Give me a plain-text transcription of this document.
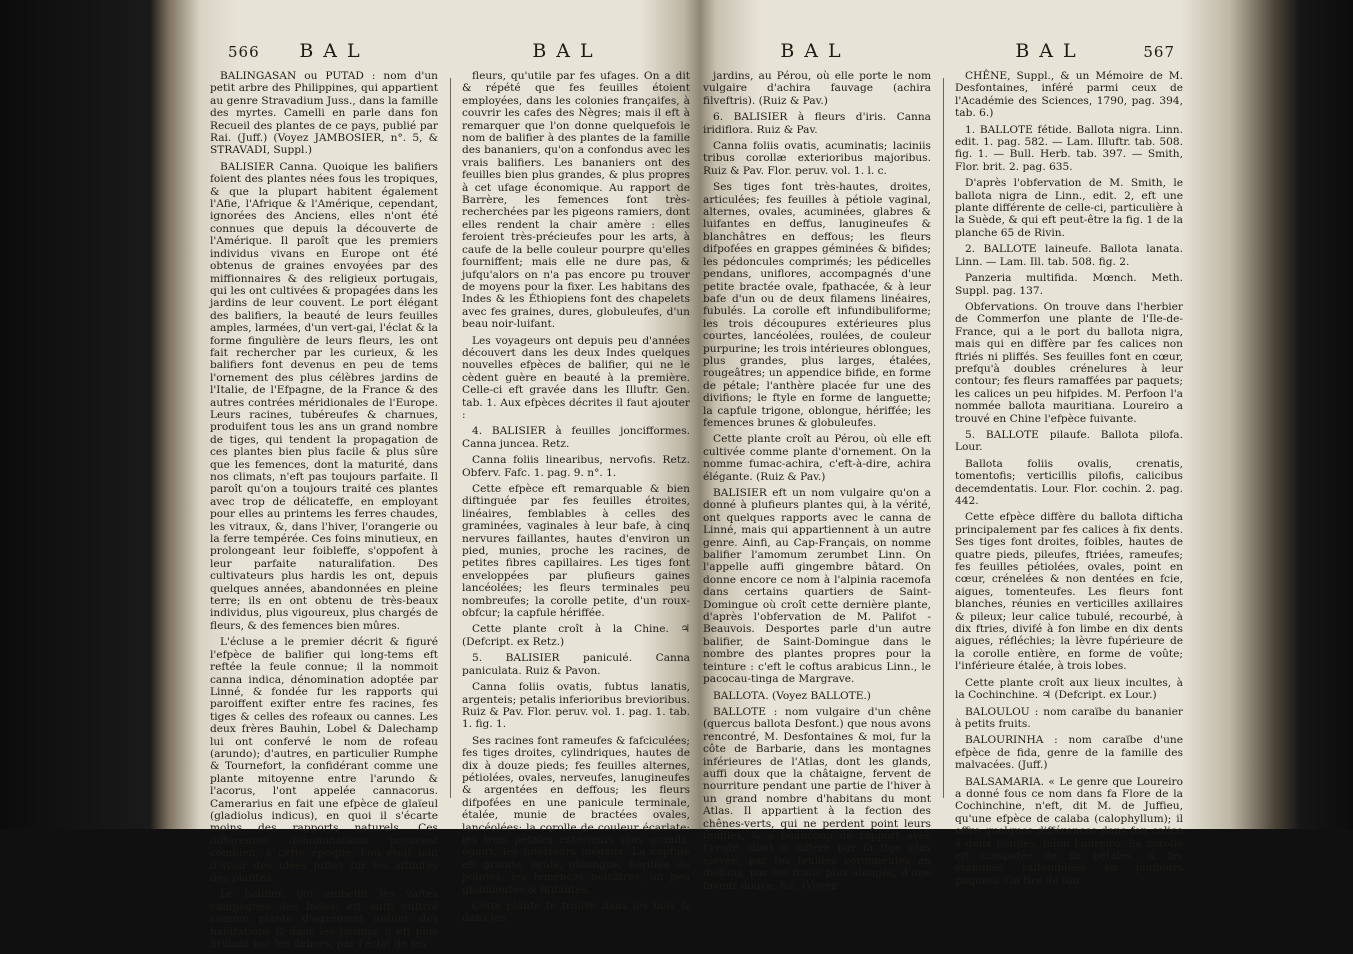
566	BAL	BAL

BALINGASAN ou PUTAD : nom d'un petit arbre des Philippines, qui appartient au genre Stravadium Juss., dans la famille des myrtes. Camelli en parle dans fon Recueil des plantes de ce pays, publié par Rai. (Juff.) (Voyez JAMBOSIER, n°. 5, & STRAVADI, Suppl.)

BALISIER Canna. Quoique les balifiers foient des plantes nées fous les tropiques, & que la plupart habitent également l'Afie, l'Afrique & l'Amérique, cependant, ignorées des Anciens, elles n'ont été connues que depuis la découverte de l'Amérique. Il paroît que les premiers individus vivans en Europe ont été obtenus de graines envoyées par des miffionnaires & des religieux portugais, qui les ont cultivées & propagées dans les jardins de leur couvent. Le port élégant des balifiers, la beauté de leurs feuilles amples, larmées, d'un vert-gai, l'éclat & la forme fingulière de leurs fleurs, les ont fait rechercher par les curieux, & les balifiers font devenus en peu de tems l'ornement des plus célèbres jardins de l'Italie, de l'Efpagne, de la France & des autres contrées méridionales de l'Europe. Leurs racines, tubéreufes & charnues, produifent tous les ans un grand nombre de tiges, qui tendent la propagation de ces plantes bien plus facile & plus sûre que les femences, dont la maturité, dans nos climats, n'eft pas toujours parfaite. Il paroît qu'on a toujours traité ces plantes avec trop de délicateffe, en employant pour elles au printems les ferres chaudes, les vitraux, &, dans l'hiver, l'orangerie ou la ferre tempérée. Ces foins minutieux, en prolongeant leur foibleffe, s'oppofent à leur parfaite naturalifation. Des cultivateurs plus hardis les ont, depuis quelques années, abandonnées en pleine terre; ils en ont obtenu de très-beaux individus, plus vigoureux, plus chargés de fleurs, & des femences bien mûres.

L'écluse a le premier décrit & figuré l'efpèce de balifier qui long-tems eft reftée la feule connue; il la nommoit canna indica, dénomination adoptée par Linné, & fondée fur les rapports qui paroiffent exifter entre fes racines, fes tiges & celles des rofeaux ou cannes. Les deux frères Bauhin, Lobel & Dalechamp lui ont confervé le nom de rofeau (arundo); d'autres, en particulier Rumphe & Tournefort, la confidérant comme une plante mitoyenne entre l'arundo & l'acorus, l'ont appelée cannacorus. Camerarius en fait une efpèce de glaïeul (gladiolus indicus), en quoi il s'écarte moins des rapports naturels. Ces différentes dénominations prouvent combien, à cette époque, l'on étoit loin d'avoir des idées juftes fur les affinités des plantes.

Le balifier, qui embellit les vaftes campagnes des Indes, eft auffi cultivé comme plante d'agrément autour des habitations & dans les jardins; il eft plus brillant par fes dehors, par l'éclat de fes

fleurs, qu'utile par fes ufages. On a dit & répété que fes feuilles étoient employées, dans les colonies françaifes, à couvrir les cafes des Nègres; mais il eft à remarquer que l'on donne quelquefois le nom de balifier à des plantes de la famille des bananiers, qu'on a confondus avec les vrais balifiers. Les bananiers ont des feuilles bien plus grandes, & plus propres à cet ufage économique. Au rapport de Barrère, les femences font très-recherchées par les pigeons ramiers, dont elles rendent la chair amère : elles feroient très-précieufes pour les arts, à caufe de la belle couleur pourpre qu'elles fourniffent; mais elle ne dure pas, & jufqu'alors on n'a pas encore pu trouver de moyens pour la fixer. Les habitans des Indes & les Éthiopiens font des chapelets avec fes graines, dures, globuleufes, d'un beau noir-luifant.

Les voyageurs ont depuis peu d'années découvert dans les deux Indes quelques nouvelles efpèces de balifier, qui ne le cèdent guère en beauté à la première. Celle-ci eft gravée dans les Illuftr. Gen. tab. 1. Aux efpèces décrites il faut ajouter :

4. BALISIER à feuilles joncifformes. Canna juncea. Retz.

Canna foliis linearibus, nervofis. Retz. Obferv. Fafc. 1. pag. 9. n°. 1.

Cette efpèce eft remarquable & bien diftinguée par fes feuilles étroites, linéaires, femblables à celles des graminées, vaginales à leur bafe, à cinq nervures faillantes, hautes d'environ un pied, munies, proche les racines, de petites fibres capillaires. Les tiges font enveloppées par plufieurs gaines lancéolées; les fleurs terminales peu nombreufes; la corolle petite, d'un roux-obfcur; la capfule hériffée.

Cette plante croît à la Chine. ♃ (Defcript. ex Retz.)

5. BALISIER paniculé. Canna paniculata. Ruiz & Pavon.

Canna foliis ovatis, fubtus lanatis, argenteis; petalis inferioribus brevioribus. Ruiz & Pav. Flor. peruv. vol. 1. pag. 1. tab. 1. fig. 1.

Ses racines font rameufes & fafciculées; fes tiges droites, cylindriques, hautes de dix à douze pieds; fes feuilles alternes, pétiolées, ovales, nerveufes, lanugineufes & argentées en deffous; les fleurs difpofées en une panicule terminale, étalée, munie de bractées ovales, lancéolées; la corolle de couleur écarlate; les trois pétales extérieurs plus grands, égaux; les intérieurs inégaux. La capfule eft grande, ovale, oblongue, hériffée de pointes; les femences noirâtres, un peu globuleufes & luifantes.

Cette plante fe trouve dans les bois & dans les

BAL	BAL	567

jardins, au Pérou, où elle porte le nom vulgaire d'achira fauvage (achira filveftris). (Ruiz & Pav.)

6. BALISIER à fleurs d'iris. Canna iridiflora. Ruiz & Pav.

Canna foliis ovatis, acuminatis; laciniis tribus corollæ exterioribus majoribus. Ruiz & Pav. Flor. peruv. vol. 1. l. c.

Ses tiges font très-hautes, droites, articulées; fes feuilles à pétiole vaginal, alternes, ovales, acuminées, glabres & luifantes en deffus, lanugineufes & blanchâtres en deffous; les fleurs difpofées en grappes géminées & bifides; les pédoncules comprimés; les pédicelles pendans, uniflores, accompagnés d'une petite bractée ovale, fpathacée, & à leur bafe d'un ou de deux filamens linéaires, fubulés. La corolle eft infundibuliforme; les trois découpures extérieures plus courtes, lancéolées, roulées, de couleur purpurine; les trois intérieures oblongues, plus grandes, plus larges, étalées, rougeâtres; un appendice bifide, en forme de pétale; l'anthère placée fur une des divifions; le ftyle en forme de languette; la capfule trigone, oblongue, hériffée; les femences brunes & globuleufes.

Cette plante croît au Pérou, où elle eft cultivée comme plante d'ornement. On la nomme fumac-achira, c'eft-à-dire, achira élégante. (Ruiz & Pav.)

BALISIER eft un nom vulgaire qu'on a donné à plufieurs plantes qui, à la vérité, ont quelques rapports avec le canna de Linné, mais qui appartiennent à un autre genre. Ainfi, au Cap-Français, on nomme balifier l'amomum zerumbet Linn. On l'appelle auffi gingembre bâtard. On donne encore ce nom à l'alpinia racemofa dans certains quartiers de Saint-Domingue où croît cette dernière plante, d'après l'obfervation de M. Palifot - Beauvois. Desportes parle d'un autre balifier, de Saint-Domingue dans le nombre des plantes propres pour la teinture : c'eft le coftus arabicus Linn., le pacocau-tinga de Margrave.

BALLOTA. (Voyez BALLOTE.)

BALLOTE : nom vulgaire d'un chêne (quercus ballota Desfont.) que nous avons rencontré, M. Desfontaines & moi, fur la côte de Barbarie, dans les montagnes inférieures de l'Atlas, dont les glands, auffi doux que la châtaigne, fervent de nourriture pendant une partie de l'hiver à un grand nombre d'habitans du mont Atlas. Il appartient à la fection des chênes-verts, qui ne perdent point leurs feuilles, & a beaucoup de rapport avec l'yeufe, dont il diffère par fa tige plus élevée, par fes feuilles coronneufes en deffous, par fes fruits plus alongés, d'une faveur douce, &c. (Voyez

CHÊNE, Suppl., & un Mémoire de M. Desfontaines, inféré parmi ceux de l'Académie des Sciences, 1790, pag. 394, tab. 6.)

1. BALLOTE fétide. Ballota nigra. Linn. edit. 1. pag. 582. — Lam. Illuftr. tab. 508. fig. 1. — Bull. Herb. tab. 397. — Smith, Flor. brit. 2. pag. 635.

D'après l'obfervation de M. Smith, le ballota nigra de Linn., edit. 2, eft une plante différente de celle-ci, particulière à la Suède, & qui eft peut-être la fig. 1 de la planche 65 de Rivin.

2. BALLOTE laineufe. Ballota lanata. Linn. — Lam. Ill. tab. 508. fig. 2.

Panzeria multifida. Mœnch. Meth. Suppl. pag. 137.

Obfervations. On trouve dans l'herbier de Commerfon une plante de l'Ile-de-France, qui a le port du ballota nigra, mais qui en diffère par fes calices non ftriés ni pliffés. Ses feuilles font en cœur, prefqu'à doubles crénelures à leur contour; fes fleurs ramaffées par paquets; les calices un peu hifpides. M. Perfoon l'a nommée ballota mauritiana. Loureiro a trouvé en Chine l'efpèce fuivante.

5. BALLOTE pilaufe. Ballota pilofa. Lour.

Ballota foliis ovalis, crenatis, tomentofis; verticillis pilofis, calicibus decemdentatis. Lour. Flor. cochin. 2. pag. 442.

Cette efpèce diffère du ballota difticha principalement par fes calices à fix dents. Ses tiges font droites, foibles, hautes de quatre pieds, pileufes, ftriées, rameufes; fes feuilles pétiolées, ovales, point en cœur, crénelées & non dentées en fcie, aigues, tomenteufes. Les fleurs font blanches, réunies en verticilles axillaires & pileux; leur calice tubulé, recourbé, à dix ftries, divifé à fon limbe en dix dents aigues, réfléchies; la lèvre fupérieure de la corolle entière, en forme de voûte; l'inférieure étalée, à trois lobes.

Cette plante croît aux lieux incultes, à la Cochinchine. ♃ (Defcript. ex Lour.)

BALOULOU : nom caraïbe du bananier à petits fruits.

BALOURINHA : nom caraïbe d'une efpèce de fida, genre de la famille des malvacées. (Juff.)

BALSAMARIA. « Le genre que Loureiro a donné fous ce nom dans fa Flore de la Cochinchine, n'eft, dit M. de Juffieu, qu'une efpèce de calaba (calophyllum); il offre quelques différences dans fon calice à deux feuilles, felon Loureiro. Sa corolle eft compofée de fix pétales, & fes étamines raffemblées en plufieurs paquets. On tire de fon
